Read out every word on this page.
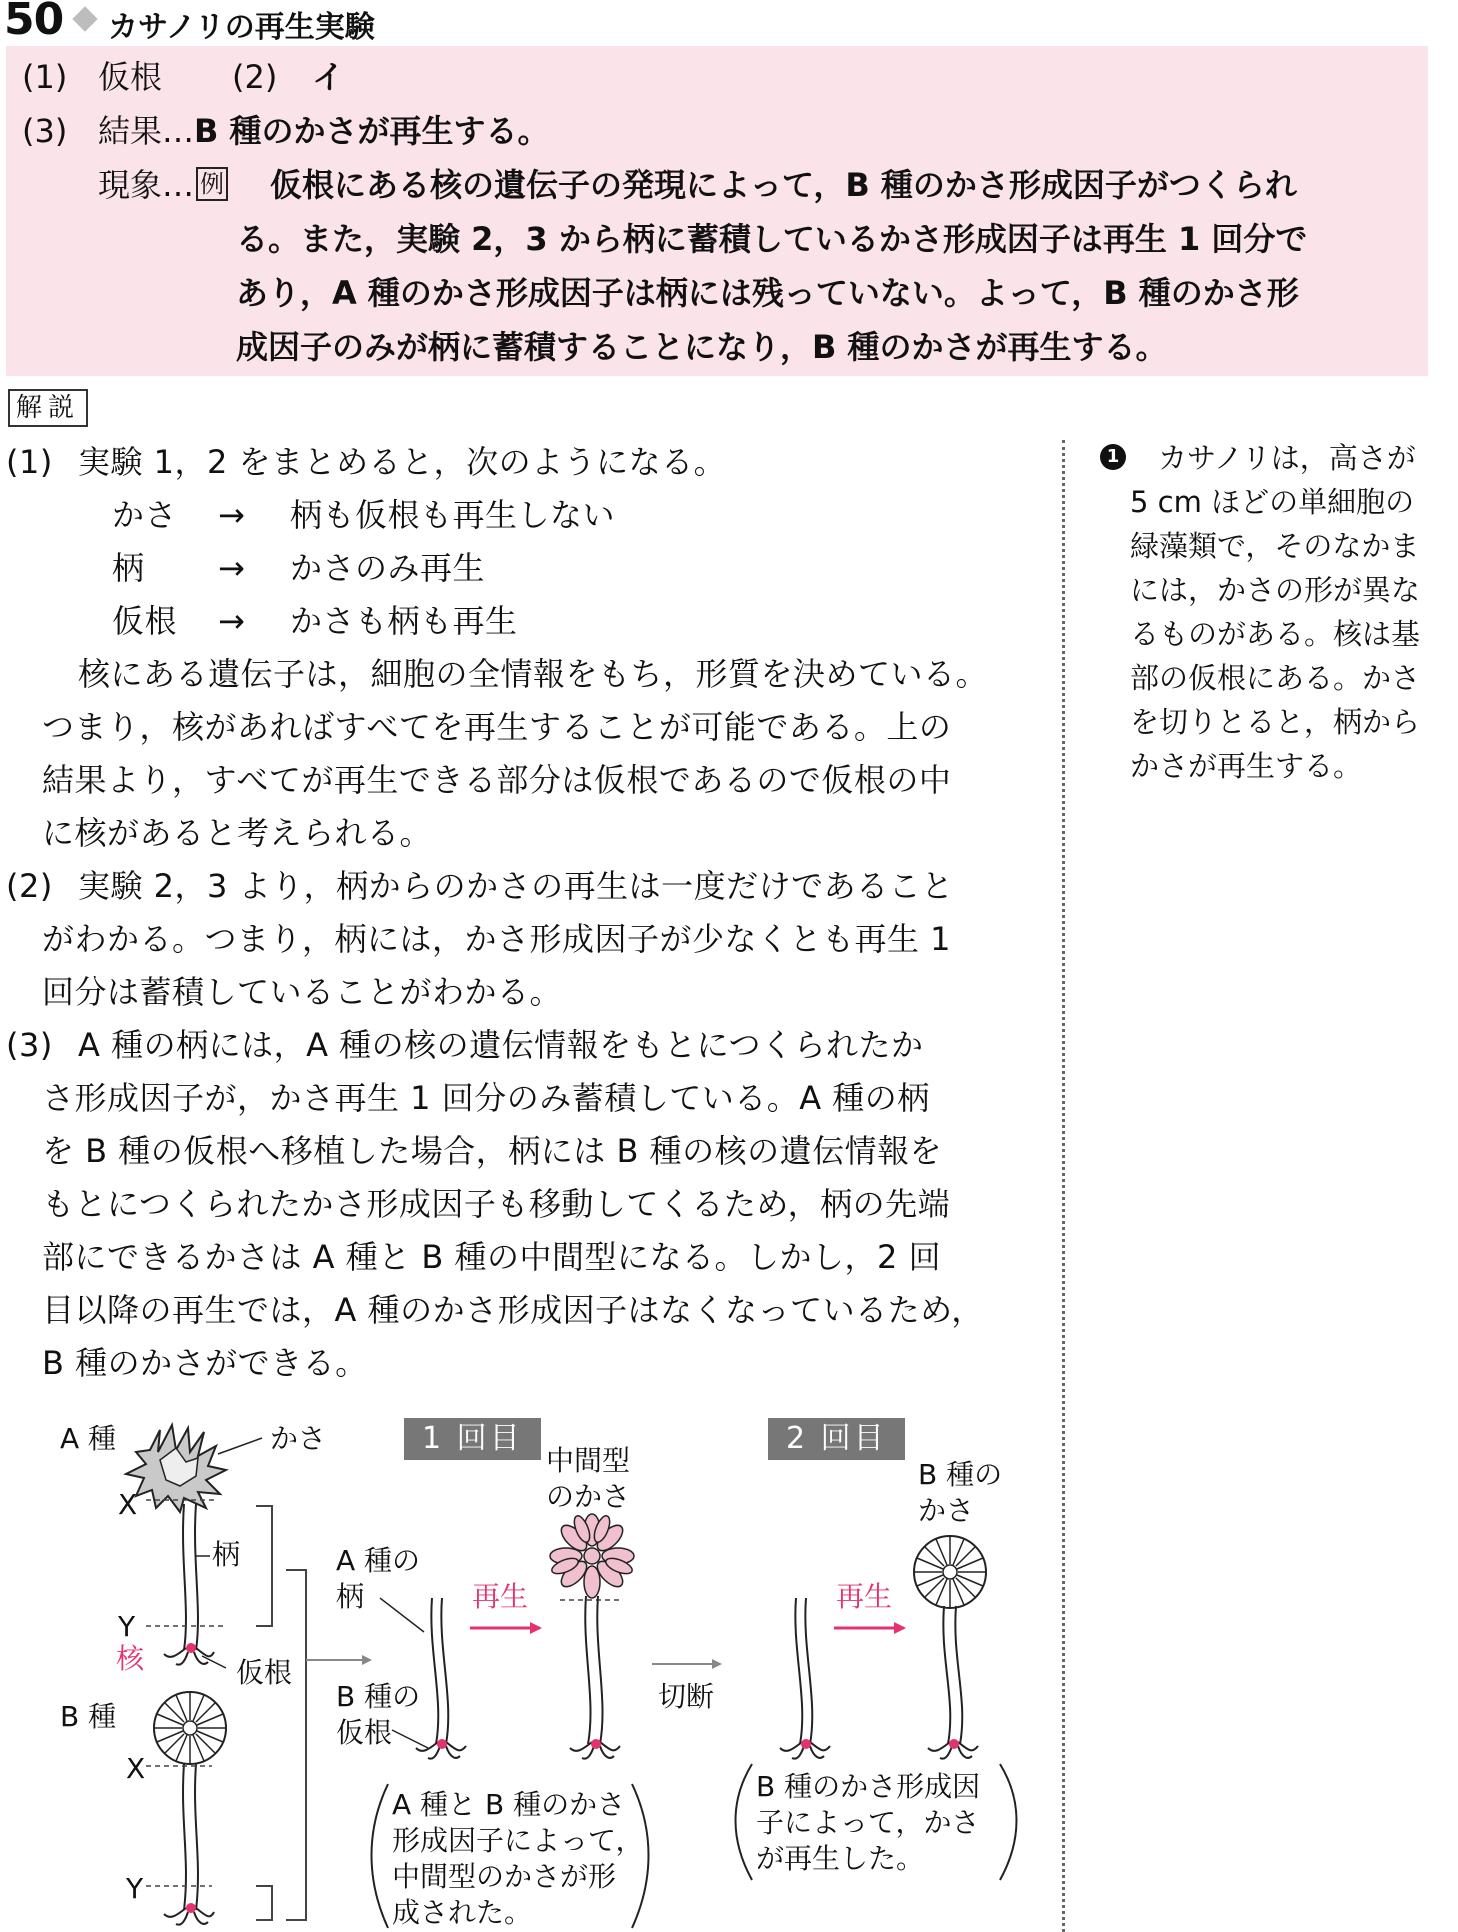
50 カサノリの再生実験
(1) 仮根 (2) イ
(3) 結果…B 種のかさが再生する。
現象… 例 仮根にある核の遺伝子の発現によって，B 種のかさ形成因子がつくられ
る。また，実験 2，3 から柄に蓄積しているかさ形成因子は再生 1 回分で
あり，A 種のかさ形成因子は柄には残っていない。よって，B 種のかさ形
成因子のみが柄に蓄積することになり，B 種のかさが再生する。
解説
(1) 実験 1，2 をまとめると，次のようになる。
かさ → 柄も仮根も再生しない
柄 → かさのみ再生
仮根 → かさも柄も再生
核にある遺伝子は，細胞の全情報をもち，形質を決めている。
つまり，核があればすべてを再生することが可能である。上の
結果より，すべてが再生できる部分は仮根であるので仮根の中
に核があると考えられる。
(2) 実験 2，3 より，柄からのかさの再生は一度だけであること
がわかる。つまり，柄には，かさ形成因子が少なくとも再生 1
回分は蓄積していることがわかる。
(3) A 種の柄には，A 種の核の遺伝情報をもとにつくられたか
さ形成因子が，かさ再生 1 回分のみ蓄積している。A 種の柄
を B 種の仮根へ移植した場合，柄には B 種の核の遺伝情報を
もとにつくられたかさ形成因子も移動してくるため，柄の先端
部にできるかさは A 種と B 種の中間型になる。しかし，2 回
目以降の再生では，A 種のかさ形成因子はなくなっているため，
B 種のかさができる。
1 カサノリは，高さが
5 cm ほどの単細胞の
緑藻類で，そのなかま
には，かさの形が異な
るものがある。核は基
部の仮根にある。かさ
を切りとると，柄から
かさが再生する。
A 種	かさ
X
柄
Y
核	仮根
B 種
X
Y
1 回目	2 回目
A 種の
柄
B 種の
仮根
再生	再生
切断
中間型
のかさ
B 種の
かさ
A 種と B 種のかさ
形成因子によって，
中間型のかさが形
成された。
B 種のかさ形成因
子によって，かさ
が再生した。
